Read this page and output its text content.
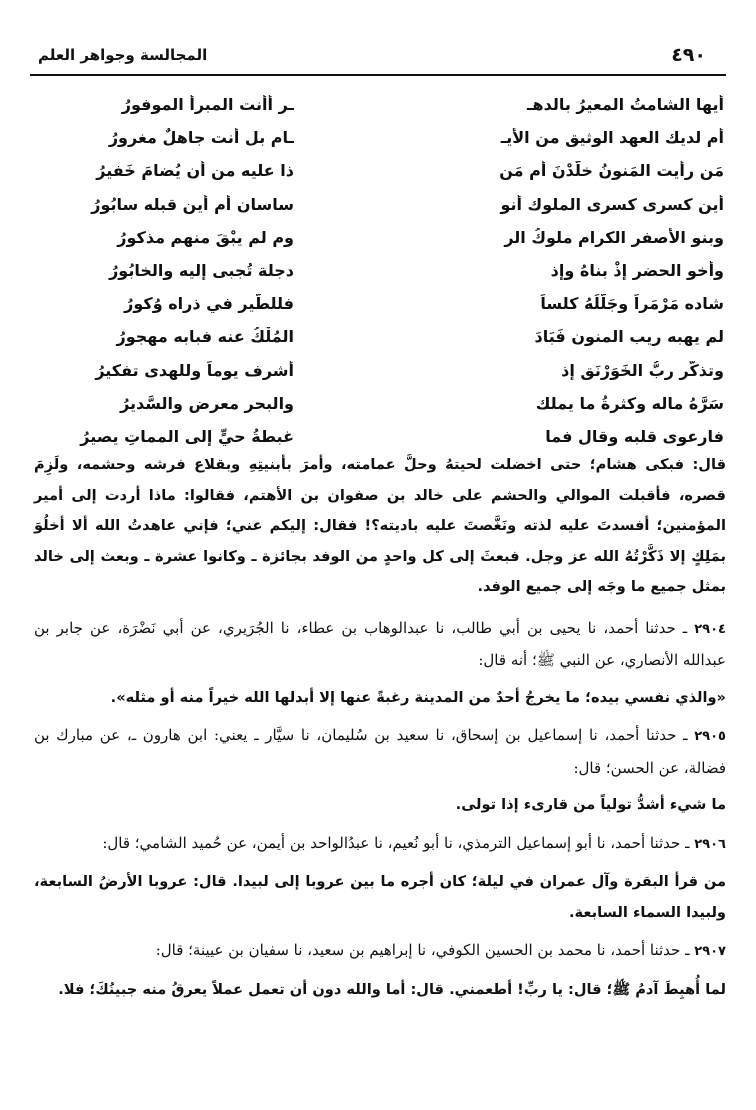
٤٩٠
المجالسة وجواهر العلم
أيها الشامتُ المعيرُ بالدهـ
ـر أأنت المبرأُ الموفورُ
أم لديك العهد الوثيق من الأيـ
ـام بل أنت جاهلٌ مغرورُ
مَن رأيت المَنونُ خلَّدْنَ أم مَن
ذا عليه من أن يُضامَ خَفيرُ
أين كسرى كسرى الملوك أنو
ساسان أم أين قبله سابُورُ
وبنو الأصفر الكرام ملوكُ الر
وم لم يبْقَ منهم مذكورُ
وأخو الحضر إذْ بناهُ وإذ
دجلة تُجبى إليه والخابُورُ
شاده مَرْمَراً وجَلَّلَهُ كلساً
فللطَّير في ذراه وُكورُ
لم يهبه ريب المنون فَبَادَ
المُلْكُ عنه فبابه مهجورُ
وتذكَّر ربُّ الخَوَرْنَقِ إذ
أشرف يوماً وللهدى تفكيرُ
سَرَّهُ ماله وكثرةُ ما يملك
والبحر معرض والسَّديرُ
فارعوى قلبه وقال فما
غبطةُ حيٍّ إلى المماتِ يصيرُ

قال: فبكى هشام؛ حتى اخضلت لحيتهُ وحلَّ عمامته، وأمرَ بأبنيتِهِ وبقلاع فرشه وحشمه، ولَزِمَ قصره، فأقبلت الموالي والحشم على خالد بن صفوان بن الأهتم، فقالوا: ماذا أردت إلى أمير المؤمنين؛ أفسدتَ عليه لذته ونَغَّصتَ عليه باديته؟! فقال: إليكم عني؛ فإني عاهدتُ الله ألا أخلُوَ بمَلِكٍ إلا ذَكَّرْتُهُ الله عز وجل. فبعثَ إلى كل واحدٍ من الوفد بجائزة ـ وكانوا عشرة ـ وبعث إلى خالد بمثل جميع ما وجَه إلى جميع الوفد.

٢٩٠٤ ـ حدثنا أحمد، نا يحيى بن أبي طالب، نا عبدالوهاب بن عطاء، نا الجُرَيري، عن أبي نَضْرَة، عن جابر بن عبدالله الأنصاري، عن النبي ﷺ؛ أنه قال:

«والذي نفسي بيده؛ ما يخرجُ أحدٌ من المدينة رغبةً عنها إلا أبدلها الله خيراً منه أو مثله».

٢٩٠٥ ـ حدثنا أحمد، نا إسماعيل بن إسحاق، نا سعيد بن سُليمان، نا سيَّار ـ يعني: ابن هارون ـ، عن مبارك بن فضالة، عن الحسن؛ قال:

ما شيء أشدُّ تولياً من قارىء إذا تولى.

٢٩٠٦ ـ حدثنا أحمد، نا أبو إسماعيل الترمذي، نا أبو نُعيم، نا عبدُالواحد بن أيمن، عن حُميد الشامي؛ قال:

من قرأ البقرة وآل عمران في ليلة؛ كان أجره ما بين عروبا إلى لبيدا. قال: عروبا الأرضُ السابعة، ولبيدا السماء السابعة.

٢٩٠٧ ـ حدثنا أحمد، نا محمد بن الحسين الكوفي، نا إبراهيم بن سعيد، نا سفيان بن عيينة؛ قال:

لما أُهبِطَ آدمُ ﷺ؛ قال: يا ربِّ! أطعمني. قال: أما والله دون أن تعمل عملاً يعرقُ منه جبينُكَ؛ فلا.
